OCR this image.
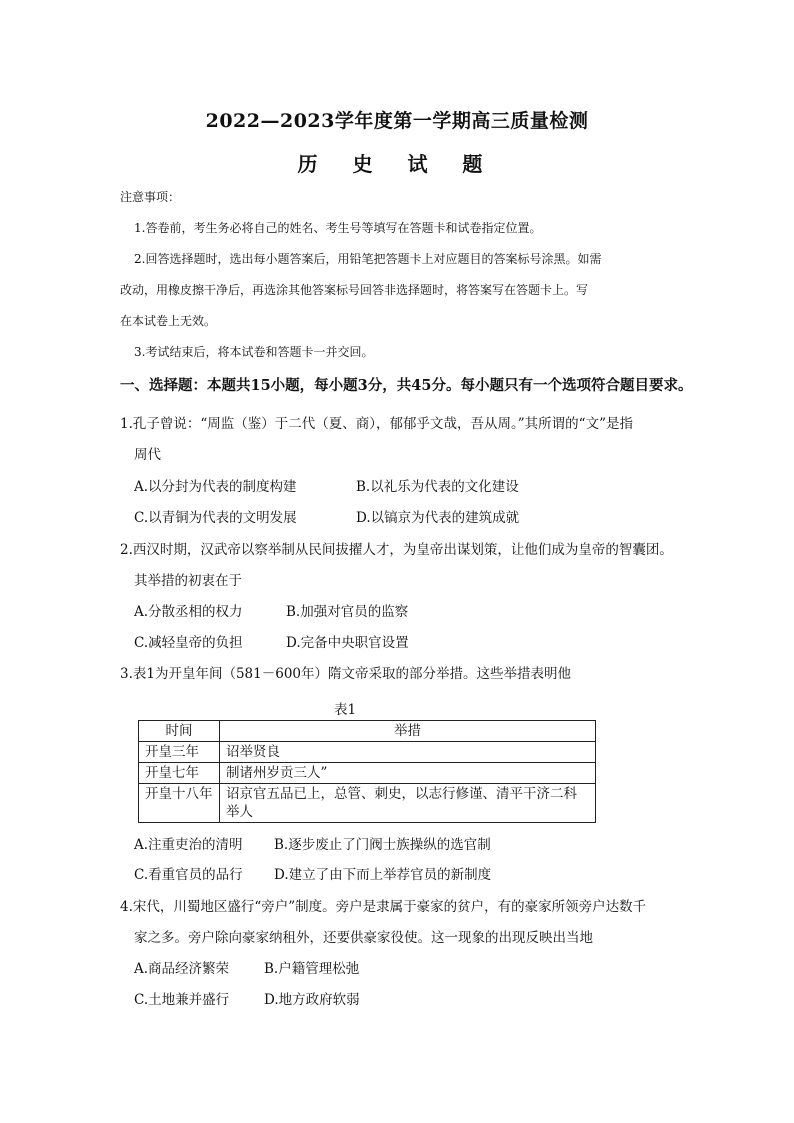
2022—2023学年度第一学期高三质量检测
历 史 试 题
注意事项：
1.答卷前，考生务必将自己的姓名、考生号等填写在答题卡和试卷指定位置。
2.回答选择题时，选出每小题答案后，用铅笔把答题卡上对应题目的答案标号涂黑。如需
改动，用橡皮擦干净后，再选涂其他答案标号回答非选择题时，将答案写在答题卡上。写
在本试卷上无效。
3.考试结束后，将本试卷和答题卡一并交回。
一、选择题：本题共15小题，每小题3分，共45分。每小题只有一个选项符合题目要求。
1.孔子曾说：“周监（鉴）于二代（夏、商），郁郁乎文哉，吾从周。”其所谓的“文”是指
周代
A.以分封为代表的制度构建	B.以礼乐为代表的文化建设
C.以青铜为代表的文明发展	D.以镐京为代表的建筑成就
2.西汉时期，汉武帝以察举制从民间拔擢人才，为皇帝出谋划策，让他们成为皇帝的智囊团。
其举措的初衷在于
A.分散丞相的权力	B.加强对官员的监察
C.减轻皇帝的负担	D.完备中央职官设置
3.表1为开皇年间（581－600年）隋文帝采取的部分举措。这些举措表明他
表1
时间	举措
开皇三年	诏举贤良
开皇七年	制诸州岁贡三人”
开皇十八年	诏京官五品已上，总管、刺史，以志行修谨、清平干济二科举人
A.注重吏治的清明 B.逐步废止了门阀士族操纵的选官制
C.看重官员的品行 D.建立了由下而上举荐官员的新制度
4.宋代，川蜀地区盛行“旁户”制度。旁户是隶属于豪家的贫户，有的豪家所领旁户达数千
家之多。旁户除向豪家纳租外，还要供豪家役使。这一现象的出现反映出当地
A.商品经济繁荣	B.户籍管理松弛
C.土地兼并盛行	D.地方政府软弱
